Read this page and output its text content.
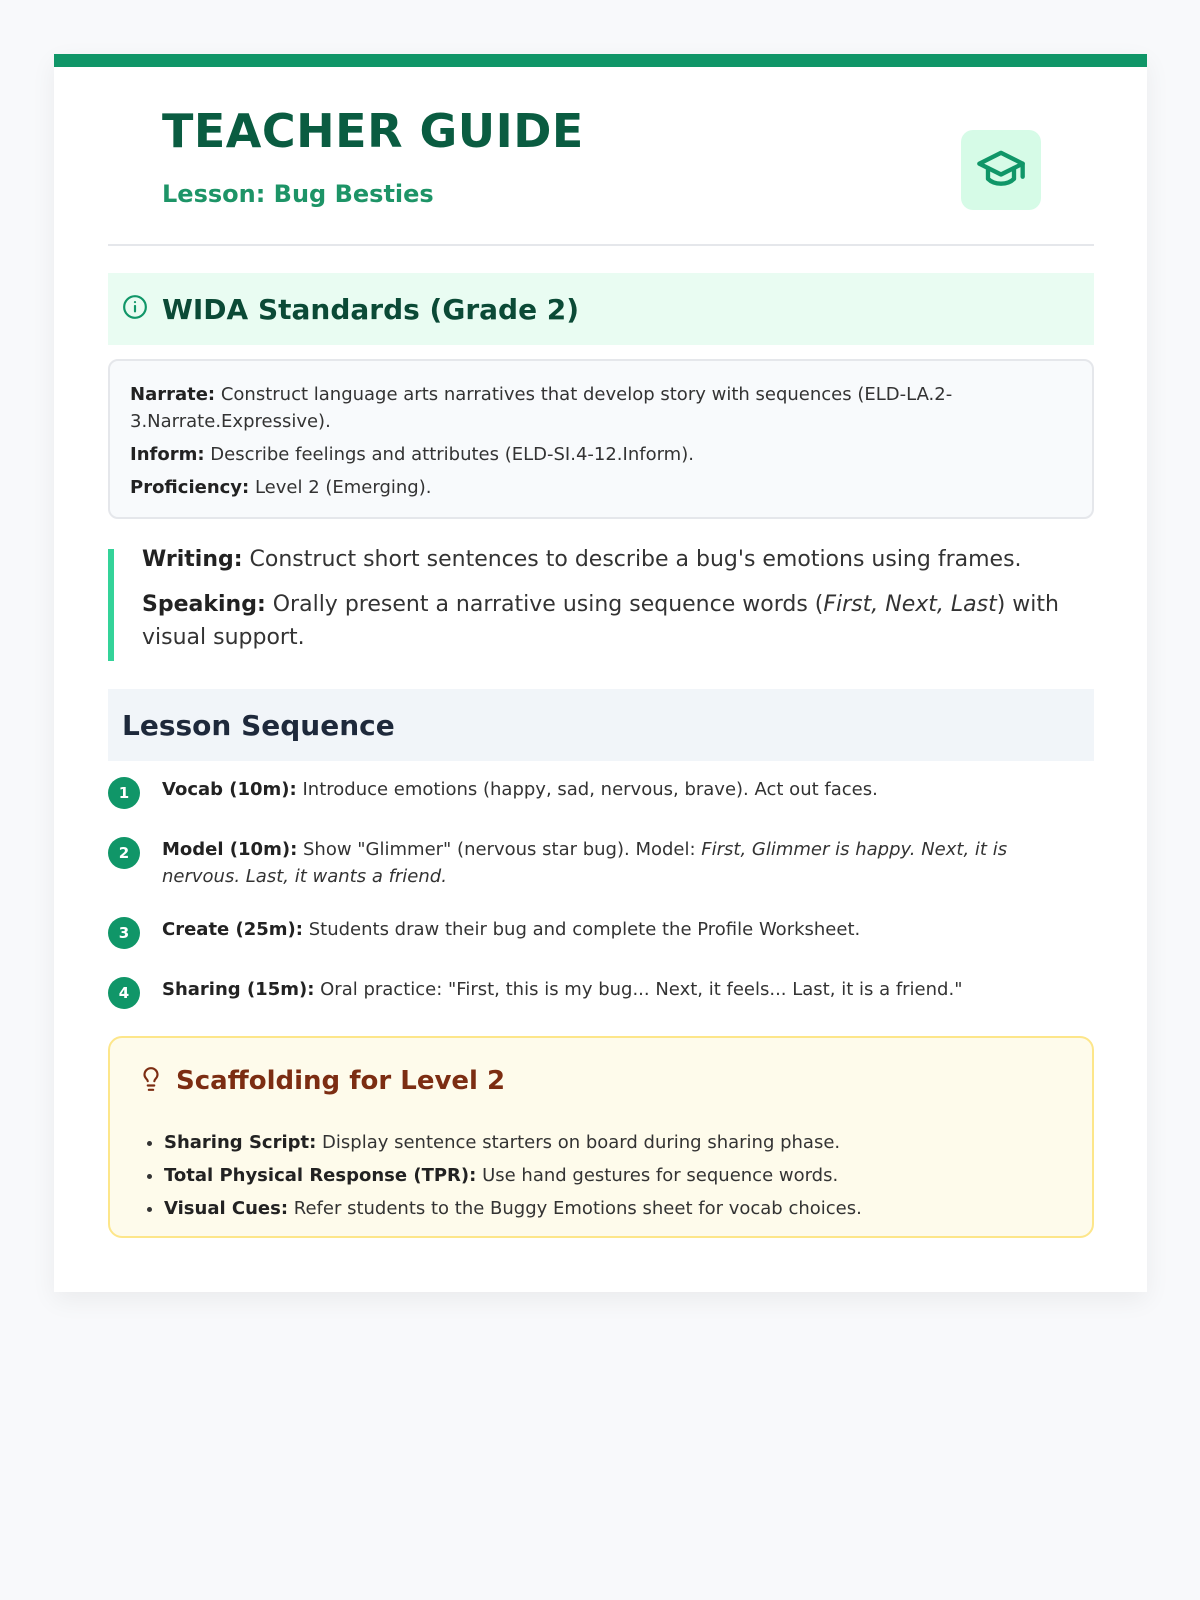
TEACHER GUIDE
Lesson: Bug Besties
WIDA Standards (Grade 2)

Narrate: Construct language arts narratives that develop story with sequences (ELD-LA.2-3.Narrate.Expressive).

Inform: Describe feelings and attributes (ELD-SI.4-12.Inform).

Proficiency: Level 2 (Emerging).

Writing: Construct short sentences to describe a bug's emotions using frames.

Speaking: Orally present a narrative using sequence words (First, Next, Last) with visual support.

Lesson Sequence
1	Vocab (10m): Introduce emotions (happy, sad, nervous, brave). Act out faces.
2	Model (10m): Show "Glimmer" (nervous star bug). Model: First, Glimmer is happy. Next, it is nervous. Last, it wants a friend.
3	Create (25m): Students draw their bug and complete the Profile Worksheet.
4	Sharing (15m): Oral practice: "First, this is my bug... Next, it feels... Last, it is a friend."
Scaffolding for Level 2
• Sharing Script: Display sentence starters on board during sharing phase.
• Total Physical Response (TPR): Use hand gestures for sequence words.
• Visual Cues: Refer students to the Buggy Emotions sheet for vocab choices.
